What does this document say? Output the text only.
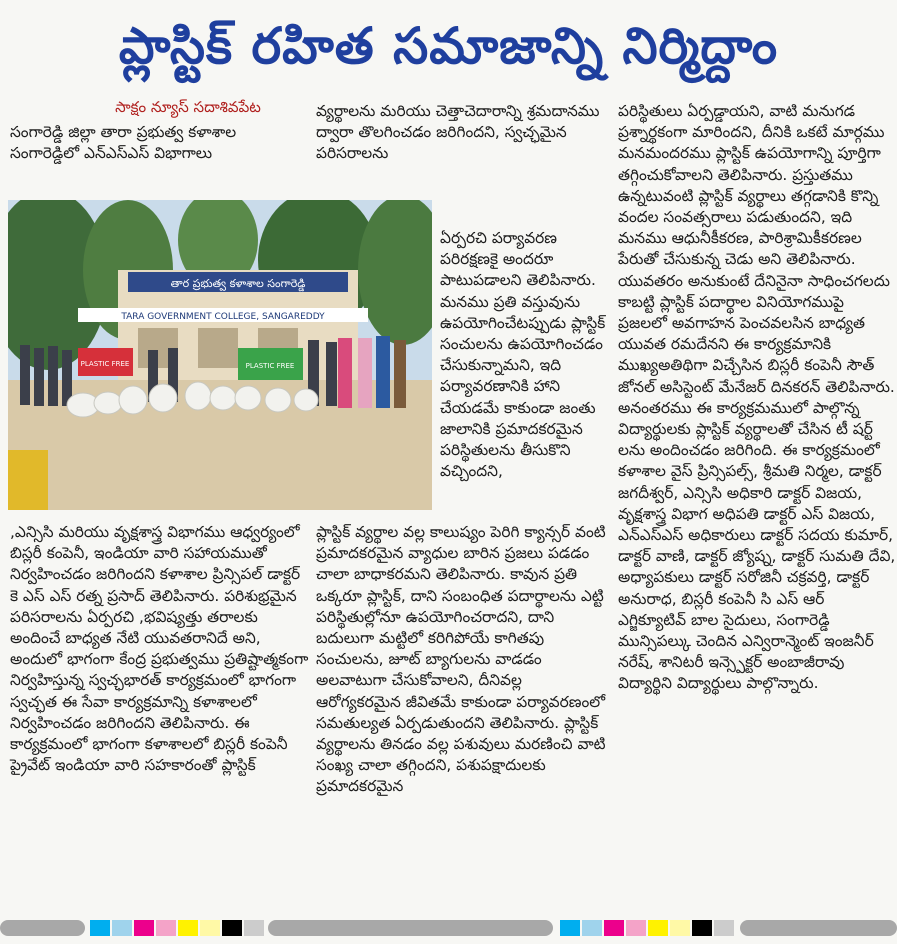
ప్లాస్టిక్ రహిత సమాజాన్ని నిర్మిద్దాం
సాక్షం న్యూస్ సదాశివపేట

సంగారెడ్డి జిల్లా తారా ప్రభుత్వ కళాశాల సంగారెడ్డిలో ఎన్ఎస్ఎస్ విభాగాలు

తార ప్రభుత్వ కళాశాల సంగారెడ్డి
TARA GOVERNMENT COLLEGE, SANGAREDDY
PLASTIC FREE	PLASTIC FREE

,ఎన్సిసి మరియు వృక్షశాస్త్ర విభాగము ఆధ్వర్యంలో బిస్లరీ కంపెనీ, ఇండియా వారి సహాయముతో నిర్వహించడం జరిగిందని కళాశాల ప్రిన్సిపల్ డాక్టర్ కె ఎస్ ఎస్ రత్న ప్రసాద్ తెలిపినారు. పరిశుభ్రమైన పరిసరాలను ఏర్పరచి ,భవిష్యత్తు తరాలకు అందించే బాధ్యత నేటి యువతరానిదే అని, అందులో భాగంగా కేంద్ర ప్రభుత్వము ప్రతిష్టాత్మకంగా నిర్వహిస్తున్న స్వచ్ఛభారత్ కార్యక్రమంలో భాగంగా స్వచ్ఛత ఈ సేవా కార్యక్రమాన్ని కళాశాలలో నిర్వహించడం జరిగిందని తెలిపినారు. ఈ కార్యక్రమంలో భాగంగా కళాశాలలో బిస్లరీ కంపెనీ ప్రైవేట్ ఇండియా వారి సహకారంతో ప్లాస్టిక్

వ్యర్థాలను మరియు చెత్తాచెదారాన్ని శ్రమదానము ద్వారా తొలగించడం జరిగిందని, స్వచ్ఛమైన పరిసరాలను

ఏర్పరచి పర్యావరణ పరిరక్షణకై అందరూ పాటుపడాలని తెలిపినారు. మనము ప్రతి వస్తువును ఉపయోగించేటప్పుడు ప్లాస్టిక్ సంచులను ఉపయోగించడం చేసుకున్నామని, ఇది పర్యావరణానికి హాని చేయడమే కాకుండా జంతు జాలానికి ప్రమాదకరమైన పరిస్థితులను తీసుకొని వచ్చిందని,

ప్లాస్టిక్ వ్యర్థాల వల్ల కాలుష్యం పెరిగి క్యాన్సర్ వంటి ప్రమాదకరమైన వ్యాధుల బారిన ప్రజలు పడడం చాలా బాధాకరమని తెలిపినారు. కావున ప్రతి ఒక్కరూ ప్లాస్టిక్, దాని సంబంధిత పదార్థాలను ఎట్టి పరిస్థితుల్లోనూ ఉపయోగించరాదని, దాని బదులుగా మట్టిలో కరిగిపోయే కాగితపు సంచులను, జూట్ బ్యాగులను వాడడం అలవాటుగా చేసుకోవాలని, దీనివల్ల ఆరోగ్యకరమైన జీవితమే కాకుండా పర్యావరణంలో సమతుల్యత ఏర్పడుతుందని తెలిపినారు. ప్లాస్టిక్ వ్యర్థాలను తినడం వల్ల పశువులు మరణించి వాటి సంఖ్య చాలా తగ్గిందని, పశుపక్షాదులకు ప్రమాదకరమైన

పరిస్థితులు ఏర్పడ్డాయని, వాటి మనుగడ ప్రశ్నార్థకంగా మారిందని, దీనికి ఒకటే మార్గము మనమందరము ప్లాస్టిక్ ఉపయోగాన్ని పూర్తిగా తగ్గించుకోవాలని తెలిపినారు. ప్రస్తుతము ఉన్నటువంటి ప్లాస్టిక్ వ్యర్థాలు తగ్గడానికి కొన్ని వందల సంవత్సరాలు పడుతుందని, ఇది మనము ఆధునీకీకరణ, పారిశ్రామికీకరణల పేరుతో చేసుకున్న చెడు అని తెలిపినారు. యువతరం అనుకుంటే దేనినైనా సాధించగలదు కాబట్టి ప్లాస్టిక్ పదార్థాల వినియోగముపై ప్రజలలో అవగాహన పెంచవలసిన బాధ్యత యువత రమదేనని ఈ కార్యక్రమానికి ముఖ్యఅతిథిగా విచ్చేసిన బిస్లరీ కంపెనీ సౌత్ జోనల్ అసిస్టెంట్ మేనేజర్ దినకరన్ తెలిపినారు. అనంతరము ఈ కార్యక్రమములో పాల్గొన్న విద్యార్థులకు ప్లాస్టిక్ వ్యర్థాలతో చేసిన టీ షర్ట్ లను అందించడం జరిగింది. ఈ కార్యక్రమంలో కళాశాల వైస్ ప్రిన్సిపల్స్, శ్రీమతి నిర్మల, డాక్టర్ జగదీశ్వర్, ఎన్సిసి అధికారి డాక్టర్ విజయ, వృక్షశాస్త్ర విభాగ అధిపతి డాక్టర్ ఎస్ విజయ, ఎన్ఎస్ఎస్ అధికారులు డాక్టర్ సదయ కుమార్, డాక్టర్ వాణి, డాక్టర్ జ్యోష్న, డాక్టర్ సుమతి దేవి, అధ్యాపకులు డాక్టర్ సరోజినీ చక్రవర్తి, డాక్టర్ అనురాధ, బిస్లరీ కంపెనీ సి ఎస్ ఆర్ ఎగ్జిక్యూటివ్ బాల సైదులు, సంగారెడ్డి మున్సిపల్కు చెందిన ఎన్విరాన్మెంట్ ఇంజనీర్ నరేష్, శానిటరీ ఇన్స్పెక్టర్ అంబాజీరావు విద్యార్థిని విద్యార్థులు పాల్గొన్నారు.
